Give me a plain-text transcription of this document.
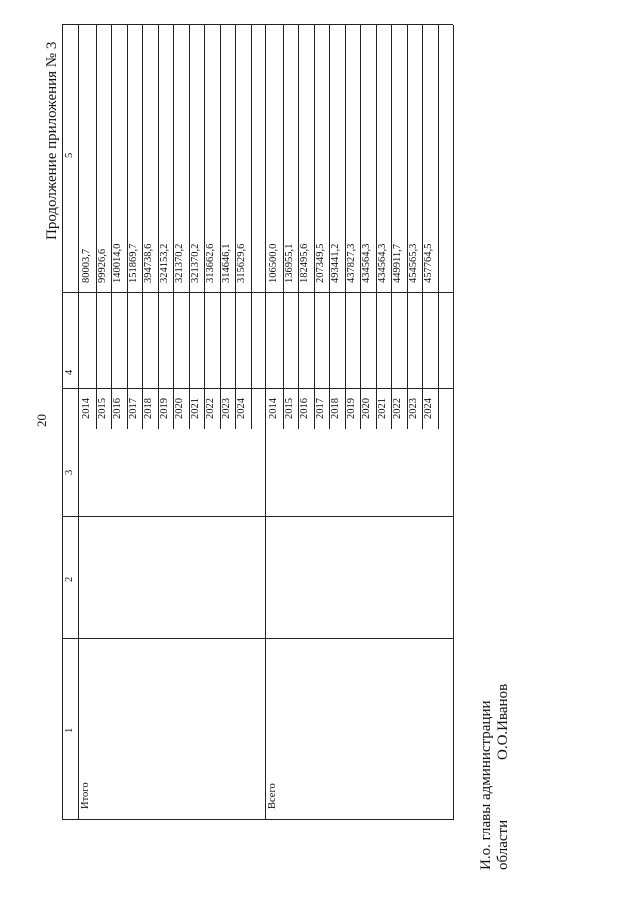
20
Продолжение приложения № 3
1
2
3
4
5
Итого	Всего
2014
80003,7
2015
99926,6
2016
140014,0
2017
151869,7
2018
394738,6
2019
324153,2
2020
321370,2
2021
321370,2
2022
313662,6
2023
314646,1
2024
315629,6
2014
106500,0
2015
136955,1
2016
182495,6
2017
207349,5
2018
493441,2
2019
437827,3
2020
434564,3
2021
434564,3
2022
449911,7
2023
454565,3
2024
457764,5
И.о. главы администрации области
О.О.Иванов
